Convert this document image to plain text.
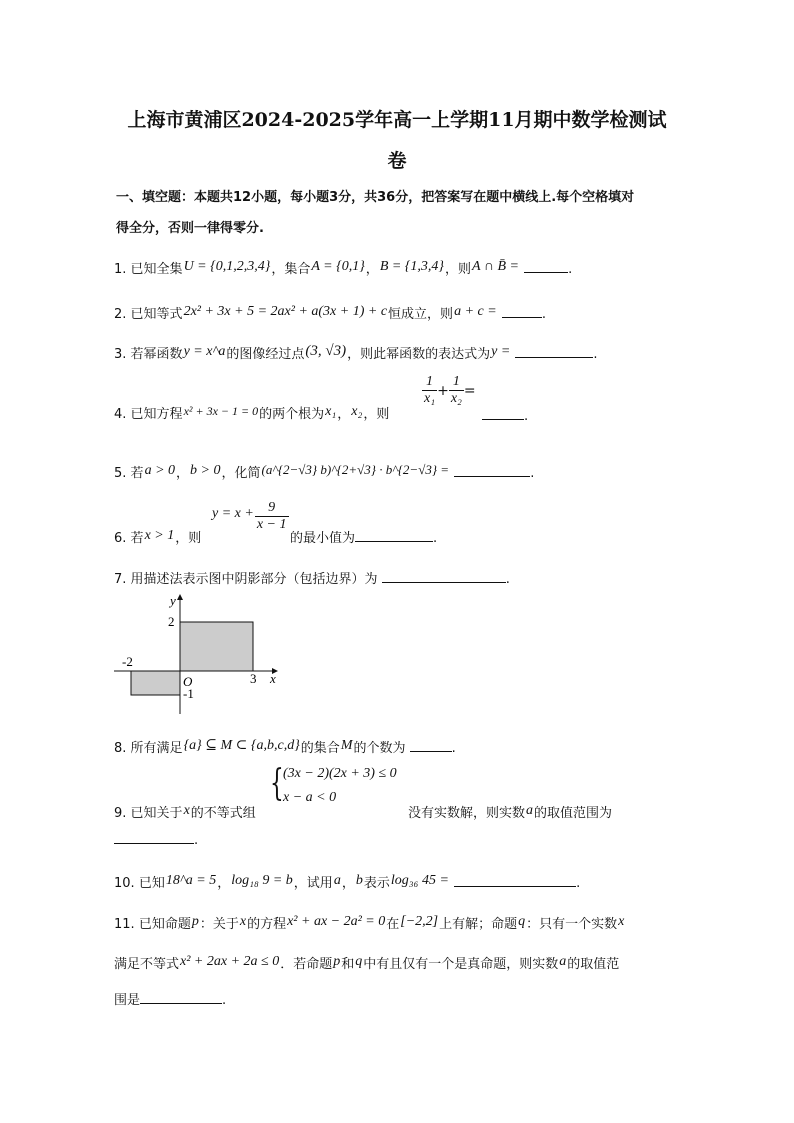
上海市黄浦区2024-2025学年高一上学期11月期中数学检测试
卷
一、填空题：本题共12小题，每小题3分，共36分，把答案写在题中横线上.每个空格填对
得全分，否则一律得零分.
1. 已知全集U = {0,1,2,3,4}，集合A = {0,1}，B = {1,3,4}，则A ∩ B̄ =	.
2. 已知等式2x² + 3x + 5 = 2ax² + a(3x + 1) + c恒成立，则a + c =	.
3. 若幂函数y = x^a的图像经过点(3, √3)，则此幂函数的表达式为y =	.
$\frac{1}{\text{x₁}} + \frac{1}{\text{x₂}}$ =
4. 已知方程x² + 3x − 1 = 0的两个根为x₁，x₂，则	.
5. 若a > 0，b > 0，化简(a^{2−√3} b)^{2+√3} · b^{2−√3} =	.
$y = x + \frac{9}{x - 1}$
6. 若x > 1，则	的最小值为	.
7. 用描述法表示图中阴影部分（包括边界）为	.
y
x
O
2
-1
-2
3
8. 所有满足{a} ⊆ M ⊂ {a,b,c,d}的集合M的个数为	.
{ (3x − 2)(2x + 3) ≤ 0
x − a < 0
9. 已知关于x的不等式组	没有实数解，则实数a的取值范围为
.
10. 已知18^a = 5，log₁₈ 9 = b，试用a，b表示log₃₆ 45 =	.
11. 已知命题p：关于x的方程x² + ax − 2a² = 0在[−2,2]上有解；命题q：只有一个实数x
满足不等式x² + 2ax + 2a ≤ 0．若命题p和q中有且仅有一个是真命题，则实数a的取值范
围是	.
